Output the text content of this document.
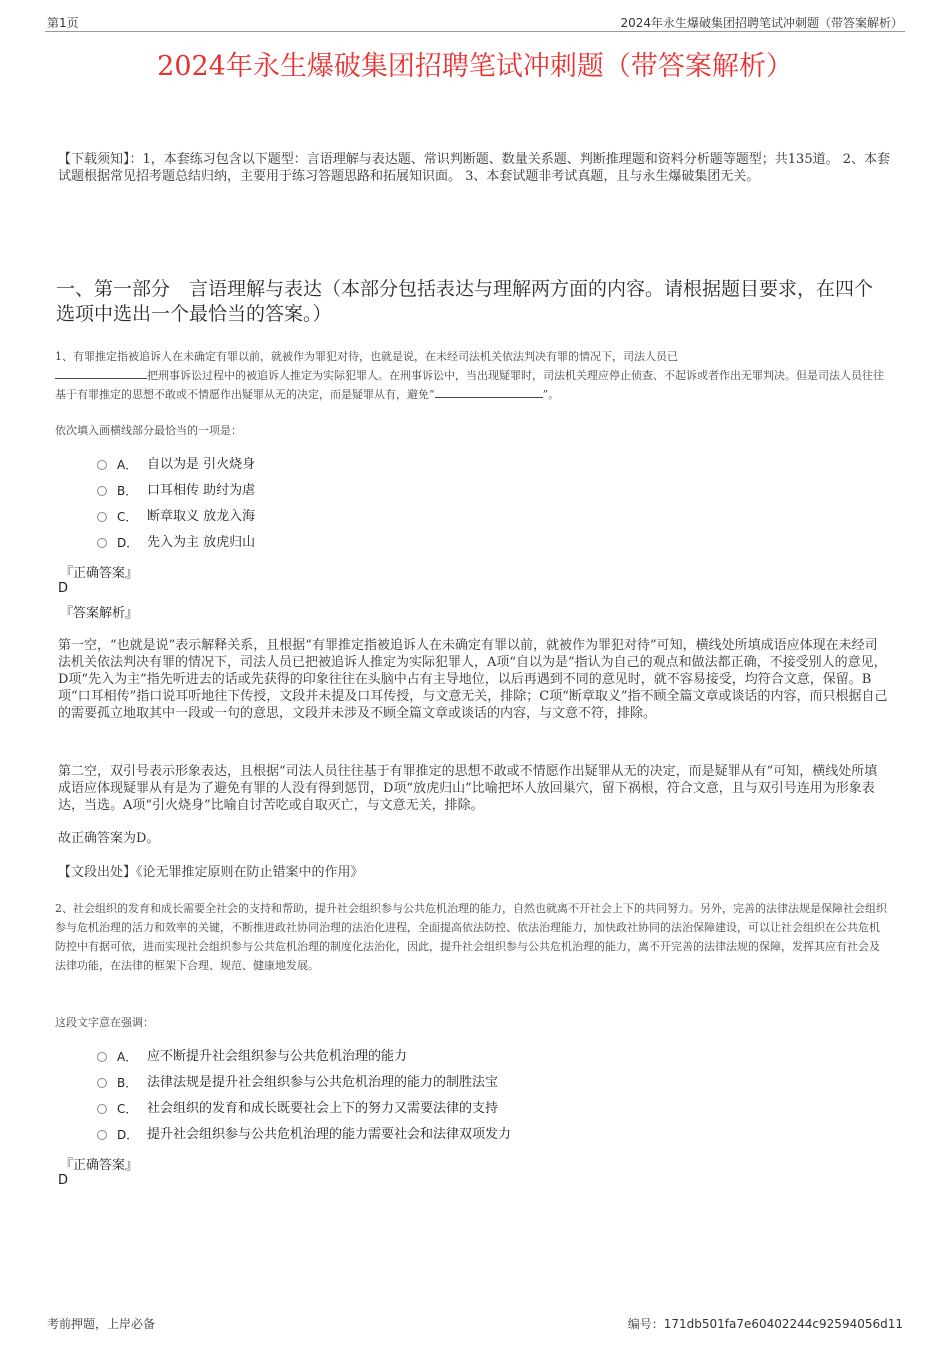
第1页	2024年永生爆破集团招聘笔试冲刺题（带答案解析）
2024年永生爆破集团招聘笔试冲刺题（带答案解析）
【下载须知】：1，本套练习包含以下题型：言语理解与表达题、常识判断题、数量关系题、判断推理题和资料分析题等题型；共135道。 2、本套试题根据常见招考题总结归纳，主要用于练习答题思路和拓展知识面。 3、本套试题非考试真题，且与永生爆破集团无关。
一、第一部分　言语理解与表达（本部分包括表达与理解两方面的内容。请根据题目要求，在四个选项中选出一个最恰当的答案。）
1、有罪推定指被追诉人在未确定有罪以前，就被作为罪犯对待，也就是说，在未经司法机关依法判决有罪的情况下，司法人员已
把刑事诉讼过程中的被追诉人推定为实际犯罪人。在刑事诉讼中，当出现疑罪时，司法机关理应停止侦查、不起诉或者作出无罪判决。但是司法人员往往基于有罪推定的思想不敢或不情愿作出疑罪从无的决定，而是疑罪从有，避免“	”。
依次填入画横线部分最恰当的一项是：
A． 自以为是 引火烧身
B． 口耳相传 助纣为虐
C． 断章取义 放龙入海
D． 先入为主 放虎归山
『正确答案』
D
『答案解析』
第一空，“也就是说”表示解释关系，且根据“有罪推定指被追诉人在未确定有罪以前，就被作为罪犯对待”可知，横线处所填成语应体现在未经司法机关依法判决有罪的情况下，司法人员已把被追诉人推定为实际犯罪人，A项“自以为是”指认为自己的观点和做法都正确，不接受别人的意见，D项“先入为主”指先听进去的话或先获得的印象往往在头脑中占有主导地位，以后再遇到不同的意见时，就不容易接受，均符合文意，保留。B项“口耳相传”指口说耳听地往下传授，文段并未提及口耳传授，与文意无关，排除；C项“断章取义”指不顾全篇文章或谈话的内容，而只根据自己的需要孤立地取其中一段或一句的意思，文段并未涉及不顾全篇文章或谈话的内容，与文意不符，排除。
第二空，双引号表示形象表达，且根据“司法人员往往基于有罪推定的思想不敢或不情愿作出疑罪从无的决定，而是疑罪从有”可知，横线处所填成语应体现疑罪从有是为了避免有罪的人没有得到惩罚，D项“放虎归山”比喻把坏人放回巢穴，留下祸根，符合文意，且与双引号连用为形象表达，当选。A项“引火烧身”比喻自讨苦吃或自取灭亡，与文意无关，排除。
故正确答案为D。
【文段出处】《论无罪推定原则在防止错案中的作用》
2、社会组织的发育和成长需要全社会的支持和帮助，提升社会组织参与公共危机治理的能力，自然也就离不开社会上下的共同努力。另外，完善的法律法规是保障社会组织参与危机治理的活力和效率的关键，不断推进政社协同治理的法治化进程，全面提高依法防控、依法治理能力，加快政社协同的法治保障建设，可以让社会组织在公共危机防控中有据可依，进而实现社会组织参与公共危机治理的制度化法治化，因此，提升社会组织参与公共危机治理的能力，离不开完善的法律法规的保障，发挥其应有社会及法律功能，在法律的框架下合理、规范、健康地发展。
这段文字意在强调：
A． 应不断提升社会组织参与公共危机治理的能力
B． 法律法规是提升社会组织参与公共危机治理的能力的制胜法宝
C． 社会组织的发育和成长既要社会上下的努力又需要法律的支持
D． 提升社会组织参与公共危机治理的能力需要社会和法律双项发力
『正确答案』
D
考前押题，上岸必备	编号：171db501fa7e60402244c92594056d11
